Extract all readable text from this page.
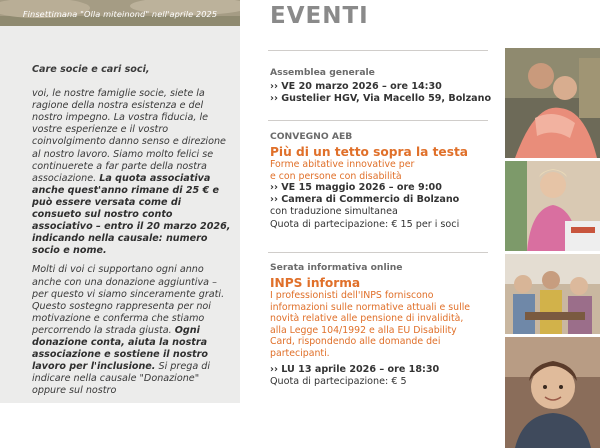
Finsettimana "Olla miteinond" nell'aprile 2025

Care socie e cari soci,

voi, le nostre famiglie socie, siete la ragione della nostra esistenza e del nostro impegno. La vostra fiducia, le vostre esperienze e il vostro coinvolgimento danno senso e direzione al nostro lavoro. Siamo molto felici se continuerete a far parte della nostra associazione. La quota associativa anche quest'anno rimane di 25 € e può essere versata come di consueto sul nostro conto associativo – entro il 20 marzo 2026, indicando nella causale: numero socio e nome.

Molti di voi ci supportano ogni anno anche con una donazione aggiuntiva – per questo vi siamo sinceramente grati. Questo sostegno rappresenta per noi motivazione e conferma che stiamo percorrendo la strada giusta. Ogni donazione conta, aiuta la nostra associazione e sostiene il nostro lavoro per l'inclusione. Si prega di indicare nella causale "Donazione" oppure sul nostro

EVENTI
Assemblea generale
›› VE 20 marzo 2026 – ore 14:30
›› Gustelier HGV, Via Macello 59, Bolzano
CONVEGNO AEB
Più di un tetto sopra la testa
Forme abitative innovative per e con persone con disabilità
›› VE 15 maggio 2026 – ore 9:00
›› Camera di Commercio di Bolzano
con traduzione simultanea
Quota di partecipazione: € 15 per i soci
Serata informativa online
INPS informa
I professionisti dell'INPS forniscono informazioni sulle normative attuali e sulle novità relative alle pensione di invalidità, alla Legge 104/1992 e alla EU Disability Card, rispondendo alle domande dei partecipanti.
›› LU 13 aprile 2026 – ore 18:30
Quota di partecipazione: € 5
